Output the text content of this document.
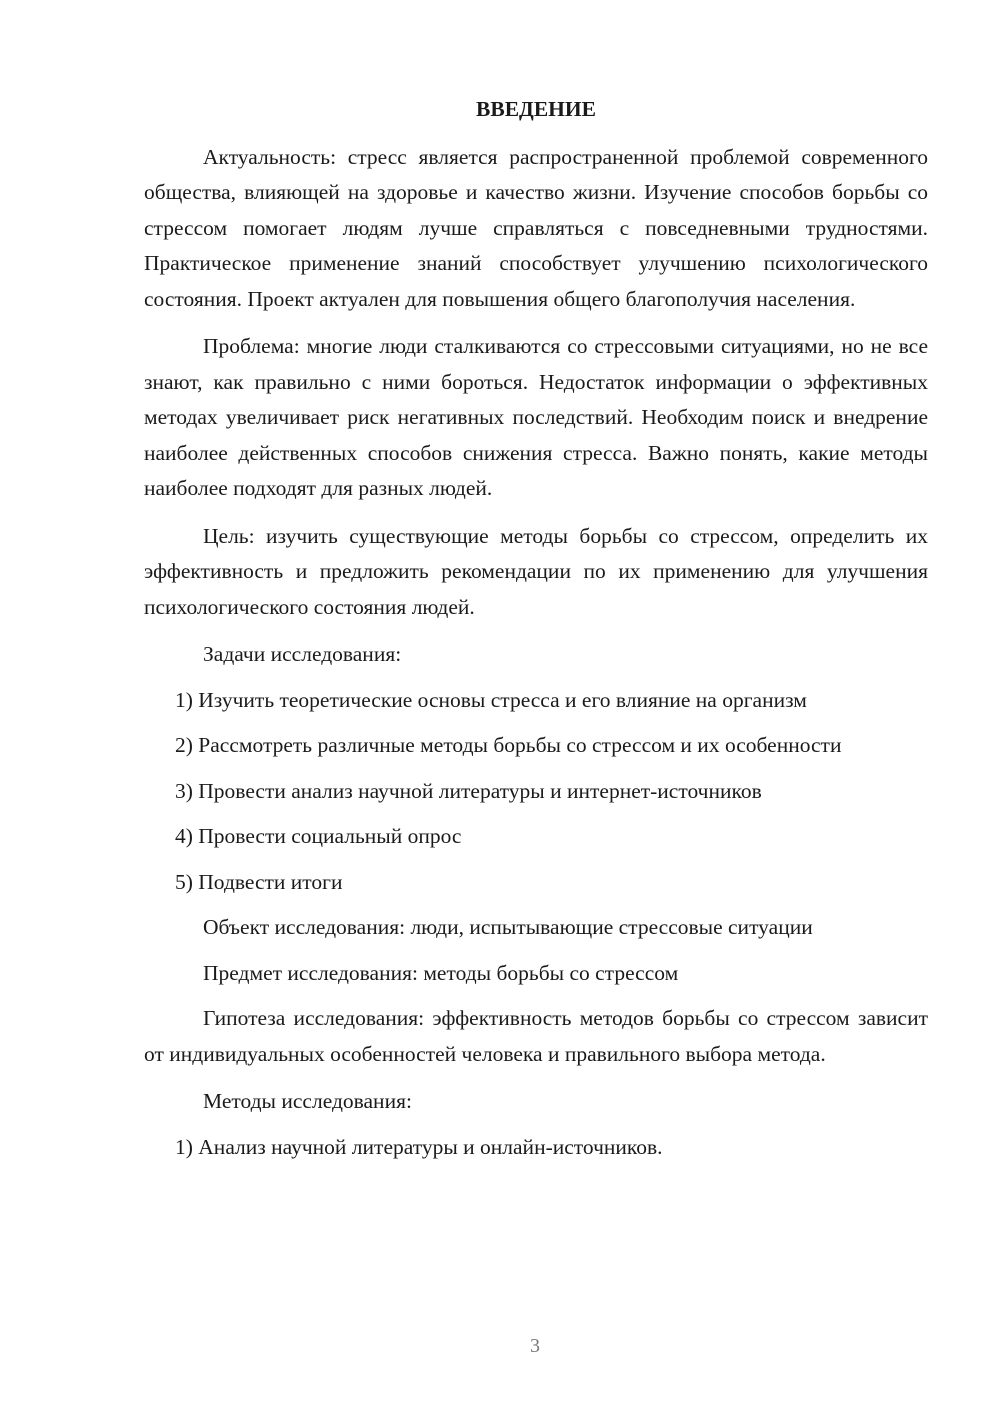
ВВЕДЕНИЕ

Актуальность: стресс является распространенной проблемой современного общества, влияющей на здоровье и качество жизни. Изучение способов борьбы со стрессом помогает людям лучше справляться с повседневными трудностями. Практическое применение знаний способствует улучшению психологического состояния. Проект актуален для повышения общего благополучия населения.

Проблема: многие люди сталкиваются со стрессовыми ситуациями, но не все знают, как правильно с ними бороться. Недостаток информации о эффективных методах увеличивает риск негативных последствий. Необходим поиск и внедрение наиболее действенных способов снижения стресса. Важно понять, какие методы наиболее подходят для разных людей.

Цель: изучить существующие методы борьбы со стрессом, определить их эффективность и предложить рекомендации по их применению для улучшения психологического состояния людей.

Задачи исследования:

1) Изучить теоретические основы стресса и его влияние на организм

2) Рассмотреть различные методы борьбы со стрессом и их особенности

3) Провести анализ научной литературы и интернет-источников

4) Провести социальный опрос

5) Подвести итоги

Объект исследования: люди, испытывающие стрессовые ситуации

Предмет исследования: методы борьбы со стрессом

Гипотеза исследования: эффективность методов борьбы со стрессом зависит от индивидуальных особенностей человека и правильного выбора метода.

Методы исследования:

1) Анализ научной литературы и онлайн-источников.

3
